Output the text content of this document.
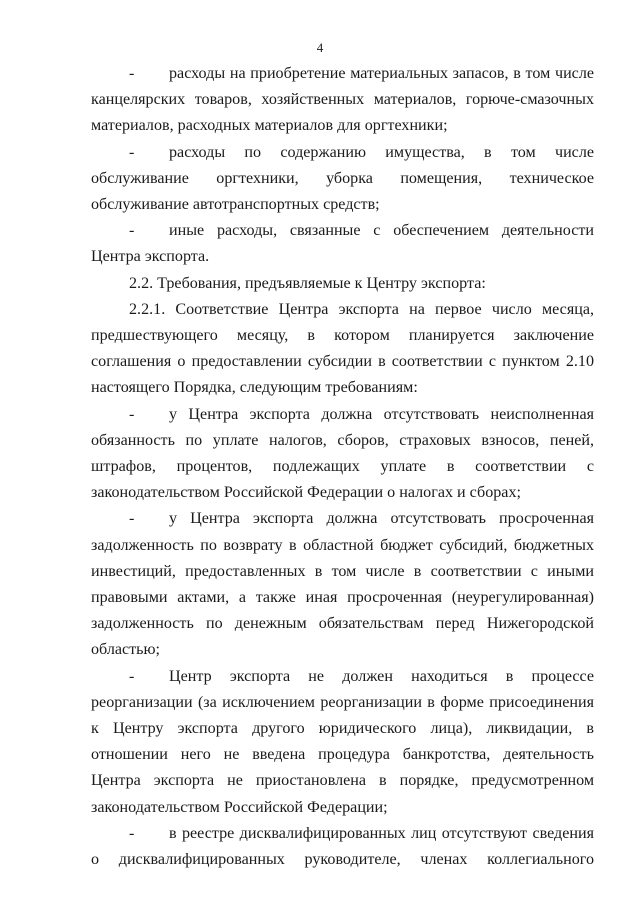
4

- расходы на приобретение материальных запасов, в том числе канцелярских товаров, хозяйственных материалов, горюче-смазочных материалов, расходных материалов для оргтехники;

- расходы по содержанию имущества, в том числе обслуживание оргтехники, уборка помещения, техническое обслуживание автотранспортных средств;

- иные расходы, связанные с обеспечением деятельности Центра экспорта.

2.2. Требования, предъявляемые к Центру экспорта:

2.2.1. Соответствие Центра экспорта на первое число месяца, предшествующего месяцу, в котором планируется заключение соглашения о предоставлении субсидии в соответствии с пунктом 2.10 настоящего Порядка, следующим требованиям:

- у Центра экспорта должна отсутствовать неисполненная обязанность по уплате налогов, сборов, страховых взносов, пеней, штрафов, процентов, подлежащих уплате в соответствии с законодательством Российской Федерации о налогах и сборах;

- у Центра экспорта должна отсутствовать просроченная задолженность по возврату в областной бюджет субсидий, бюджетных инвестиций, предоставленных в том числе в соответствии с иными правовыми актами, а также иная просроченная (неурегулированная) задолженность по денежным обязательствам перед Нижегородской областью;

- Центр экспорта не должен находиться в процессе реорганизации (за исключением реорганизации в форме присоединения к Центру экспорта другого юридического лица), ликвидации, в отношении него не введена процедура банкротства, деятельность Центра экспорта не приостановлена в порядке, предусмотренном законодательством Российской Федерации;

- в реестре дисквалифицированных лиц отсутствуют сведения о дисквалифицированных руководителе, членах коллегиального
